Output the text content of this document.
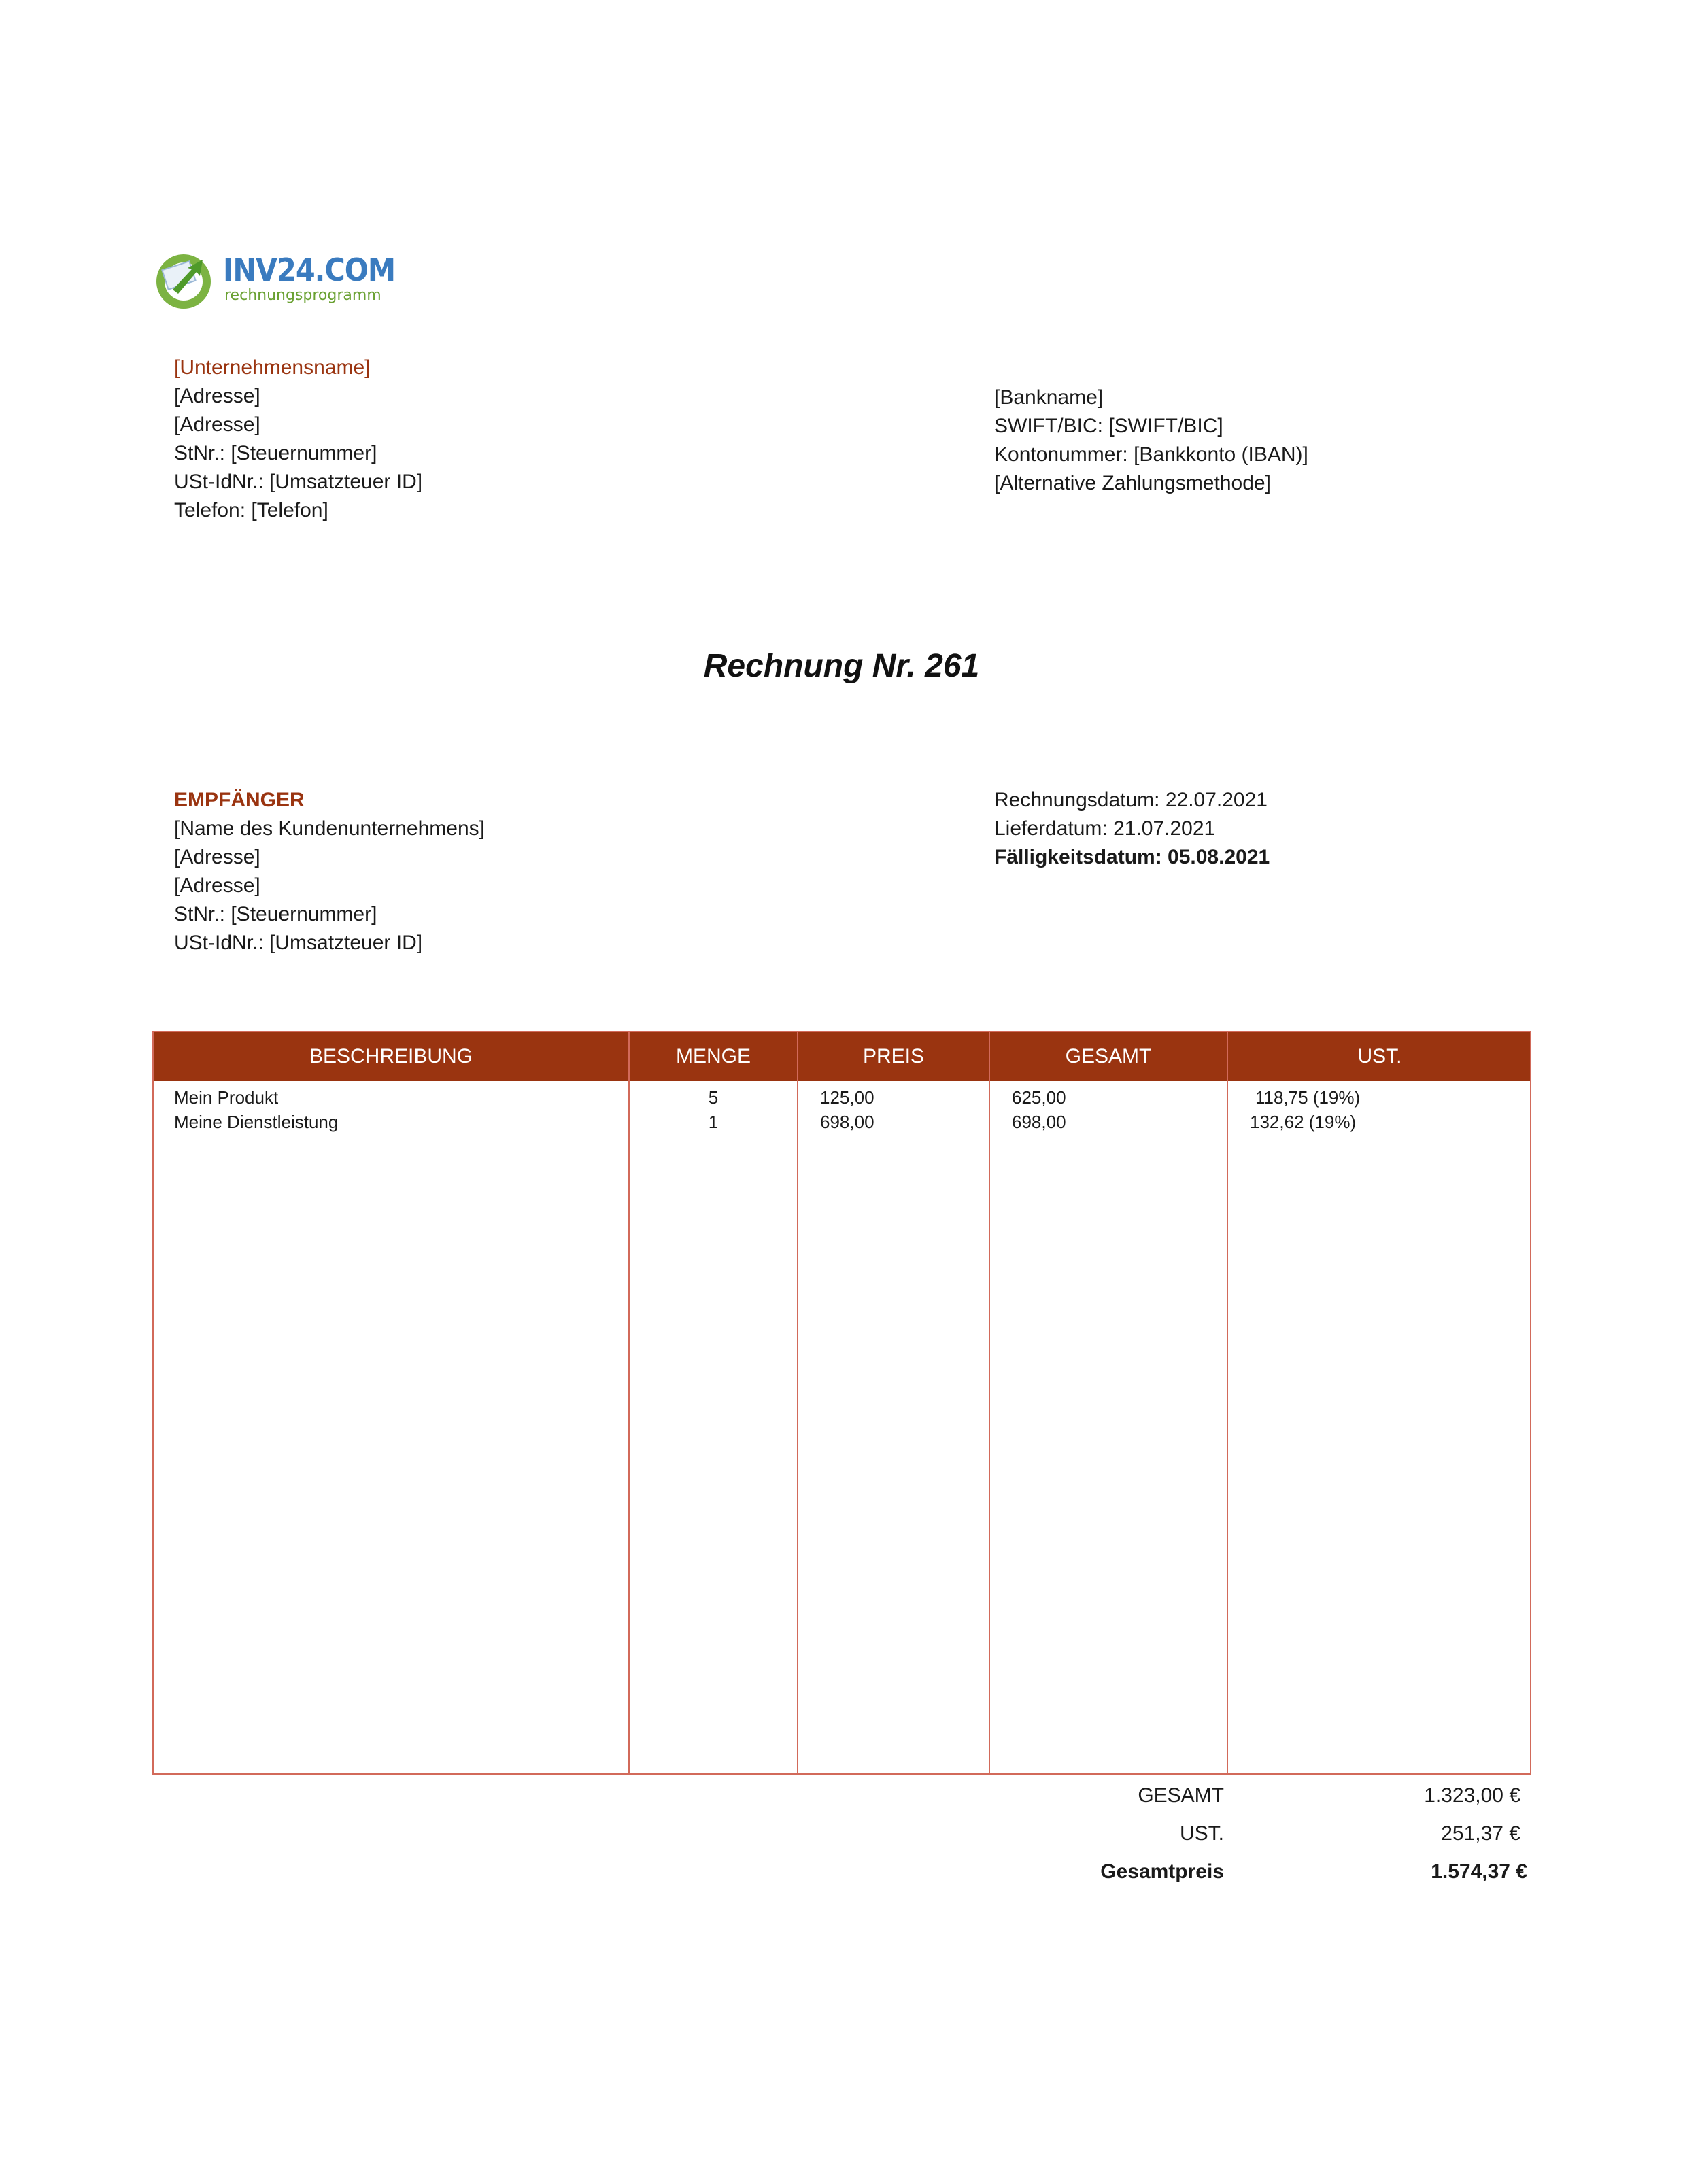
INV24.COM
rechnungsprogramm
[Unternehmensname]
[Adresse]
[Adresse]
StNr.: [Steuernummer]
USt-IdNr.: [Umsatzteuer ID]
Telefon: [Telefon]
[Bankname]
SWIFT/BIC: [SWIFT/BIC]
Kontonummer: [Bankkonto (IBAN)]
[Alternative Zahlungsmethode]
Rechnung Nr. 261
EMPFÄNGER
[Name des Kundenunternehmens]
[Adresse]
[Adresse]
StNr.: [Steuernummer]
USt-IdNr.: [Umsatzteuer ID]
Rechnungsdatum: 22.07.2021
Lieferdatum: 21.07.2021
Fälligkeitsdatum: 05.08.2021
BESCHREIBUNG	MENGE	PREIS	GESAMT	UST.
Mein Produkt	5	125,00	625,00	118,75 (19%)
Meine Dienstleistung	1	698,00	698,00	132,62 (19%)
GESAMT	1.323,00 €
UST.	251,37 €
Gesamtpreis	1.574,37 €
